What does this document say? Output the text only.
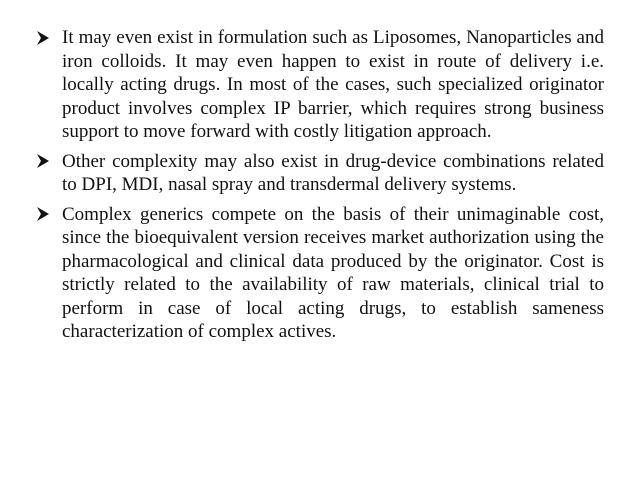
It may even exist in formulation such as Liposomes, Nanoparticles and iron colloids. It may even happen to exist in route of delivery i.e. locally acting drugs. In most of the cases, such specialized originator product involves complex IP barrier, which requires strong business support to move forward with costly litigation approach.
Other complexity may also exist in drug-device combinations related to DPI, MDI, nasal spray and transdermal delivery systems.
Complex generics compete on the basis of their unimaginable cost, since the bioequivalent version receives market authorization using the pharmacological and clinical data produced by the originator. Cost is strictly related to the availability of raw materials, clinical trial to perform in case of local acting drugs, to establish sameness characterization of complex actives.
